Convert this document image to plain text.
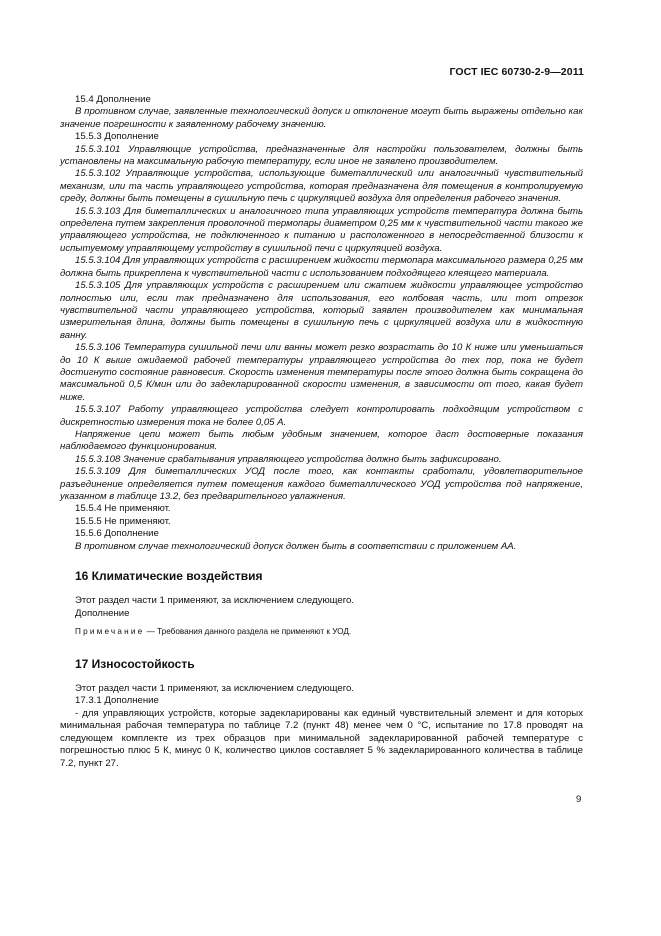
ГОСТ IEC 60730-2-9—2011
15.4 Дополнение

В противном случае, заявленные технологический допуск и отклонение могут быть выражены отдельно как значение погрешности к заявленному рабочему значению.

15.5.3 Дополнение

15.5.3.101 Управляющие устройства, предназначенные для настройки пользователем, должны быть установлены на максимальную рабочую температуру, если иное не заявлено производителем.

15.5.3.102 Управляющие устройства, использующие биметаллический или аналогичный чувствительный механизм, или та часть управляющего устройства, которая предназначена для помещения в контролируемую среду, должны быть помещены в сушильную печь с циркуляцией воздуха для определения рабочего значения.

15.5.3.103 Для биметаллических и аналогичного типа управляющих устройств температура должна быть определена путем закрепления проволочной термопары диаметром 0,25 мм к чувствительной части такого же управляющего устройства, не подключенного к питанию и расположенного в непосредственной близости к испытуемому управляющему устройству в сушильной печи с циркуляцией воздуха.

15.5.3.104 Для управляющих устройств с расширением жидкости термопара максимального размера 0,25 мм должна быть прикреплена к чувствительной части с использованием подходящего клеящего материала.

15.5.3.105 Для управляющих устройств с расширением или сжатием жидкости управляющее устройство полностью или, если так предназначено для использования, его колбовая часть, или тот отрезок чувствительной части управляющего устройства, который заявлен производителем как минимальная измерительная длина, должны быть помещены в сушильную печь с циркуляцией воздуха или в жидкостную ванну.

15.5.3.106 Температура сушильной печи или ванны может резко возрастать до 10 К ниже или уменьшаться до 10 К выше ожидаемой рабочей температуры управляющего устройства до тех пор, пока не будет достигнуто состояние равновесия. Скорость изменения температуры после этого должна быть сокращена до максимальной 0,5 К/мин или до задекларированной скорости изменения, в зависимости от того, какая будет ниже.

15.5.3.107 Работу управляющего устройства следует контролировать подходящим устройством с дискретностью измерения тока не более 0,05 А.

Напряжение цепи может быть любым удобным значением, которое даст достоверные показания наблюдаемого функционирования.

15.5.3.108 Значение срабатывания управляющего устройства должно быть зафиксировано.

15.5.3.109 Для биметаллических УОД после того, как контакты сработали, удовлетворительное разъединение определяется путем помещения каждого биметаллического УОД устройства под напряжение, указанном в таблице 13.2, без предварительного увлажнения.

15.5.4 Не применяют.
15.5.5 Не применяют.
15.5.6 Дополнение

В противном случае технологический допуск должен быть в соответствии с приложением АА.

16 Климатические воздействия
Этот раздел части 1 применяют, за исключением следующего.
Дополнение
Примечание — Требования данного раздела не применяют к УОД.
17 Износостойкость
Этот раздел части 1 применяют, за исключением следующего.
17.3.1 Дополнение

- для управляющих устройств, которые задекларированы как единый чувствительный элемент и для которых минимальная рабочая температура по таблице 7.2 (пункт 48) менее чем 0 °С, испытание по 17.8 проводят на следующем комплекте из трех образцов при минимальной задекларированной рабочей температуре с погрешностью плюс 5 К, минус 0 К, количество циклов составляет 5 % задекларированного количества в таблице 7.2, пункт 27.

9
